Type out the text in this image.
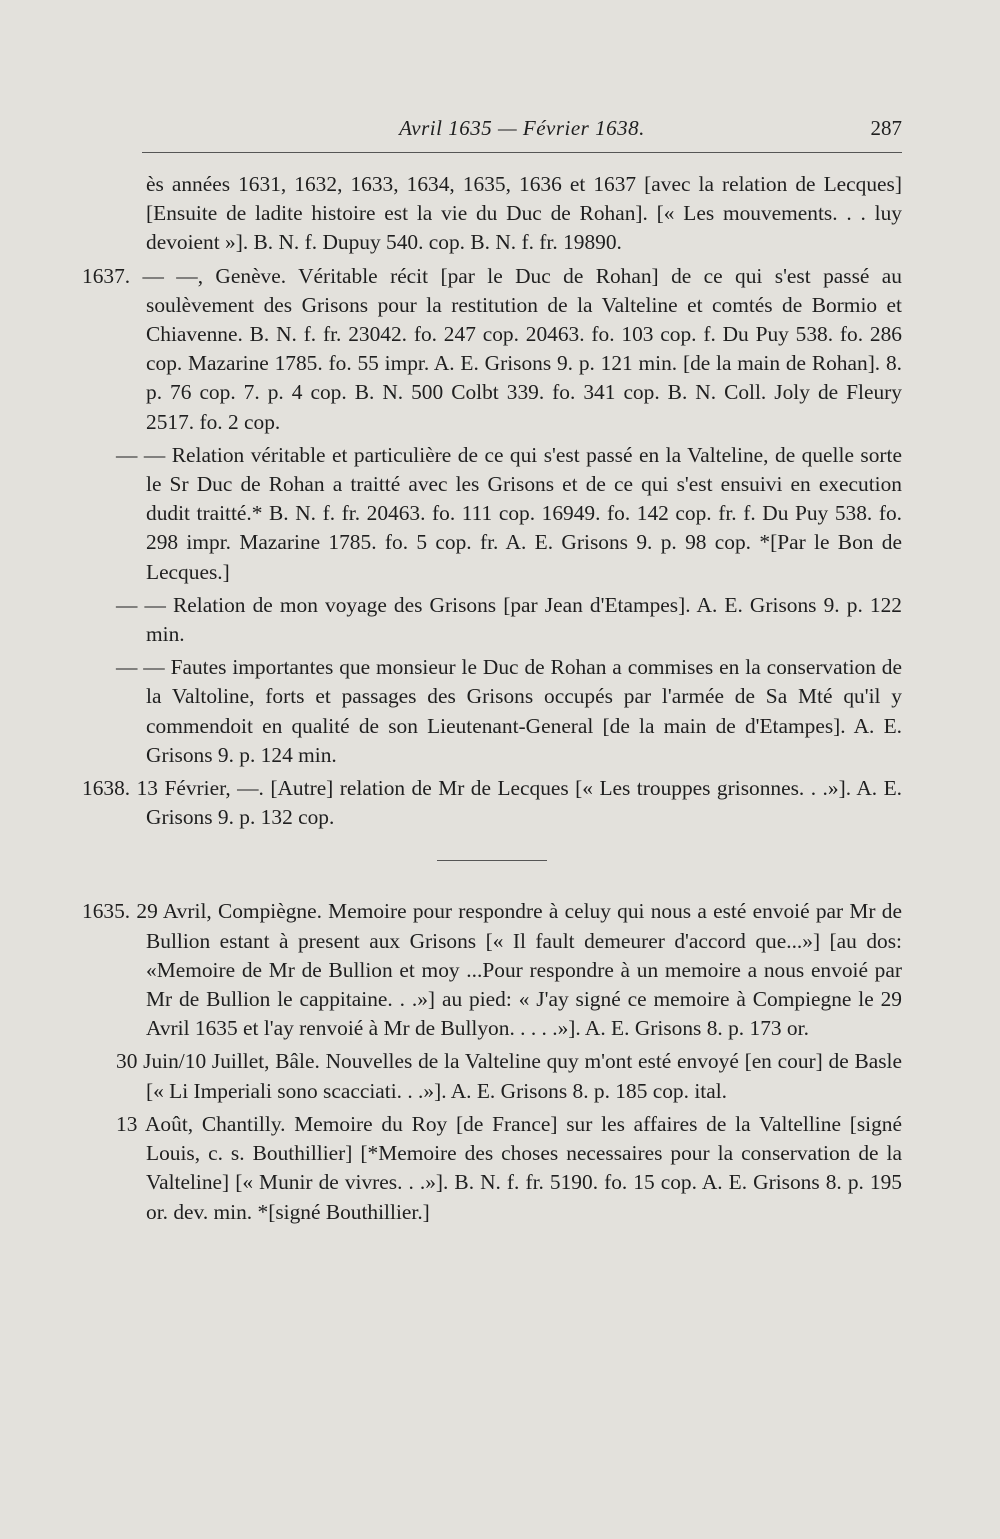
Avril 1635 — Février 1638.	287

ès années 1631, 1632, 1633, 1634, 1635, 1636 et 1637 [avec la relation de Lecques] [Ensuite de ladite histoire est la vie du Duc de Rohan]. [« Les mouvements. . . luy devoient »]. B. N. f. Dupuy 540. cop. B. N. f. fr. 19890.

1637. — —, Genève. Véritable récit [par le Duc de Rohan] de ce qui s'est passé au soulèvement des Grisons pour la restitution de la Valteline et comtés de Bormio et Chiavenne. B. N. f. fr. 23042. fo. 247 cop. 20463. fo. 103 cop. f. Du Puy 538. fo. 286 cop. Mazarine 1785. fo. 55 impr. A. E. Grisons 9. p. 121 min. [de la main de Rohan]. 8. p. 76 cop. 7. p. 4 cop. B. N. 500 Colbt 339. fo. 341 cop. B. N. Coll. Joly de Fleury 2517. fo. 2 cop.

— — Relation véritable et particulière de ce qui s'est passé en la Valteline, de quelle sorte le Sr Duc de Rohan a traitté avec les Grisons et de ce qui s'est ensuivi en execution dudit traitté.* B. N. f. fr. 20463. fo. 111 cop. 16949. fo. 142 cop. fr. f. Du Puy 538. fo. 298 impr. Mazarine 1785. fo. 5 cop. fr. A. E. Grisons 9. p. 98 cop. *[Par le Bon de Lecques.]

— — Relation de mon voyage des Grisons [par Jean d'Etampes]. A. E. Grisons 9. p. 122 min.

— — Fautes importantes que monsieur le Duc de Rohan a commises en la conservation de la Valtoline, forts et passages des Grisons occupés par l'armée de Sa Mté qu'il y commendoit en qualité de son Lieutenant-General [de la main de d'Etampes]. A. E. Grisons 9. p. 124 min.

1638. 13 Février, —. [Autre] relation de Mr de Lecques [« Les trouppes grisonnes. . .»]. A. E. Grisons 9. p. 132 cop.

1635. 29 Avril, Compiègne. Memoire pour respondre à celuy qui nous a esté envoié par Mr de Bullion estant à present aux Grisons [« Il fault demeurer d'accord que...»] [au dos: «Memoire de Mr de Bullion et moy ...Pour respondre à un memoire a nous envoié par Mr de Bullion le cappitaine. . .»] au pied: « J'ay signé ce memoire à Compiegne le 29 Avril 1635 et l'ay renvoié à Mr de Bullyon. . . . .»]. A. E. Grisons 8. p. 173 or.

30 Juin/10 Juillet, Bâle. Nouvelles de la Valteline quy m'ont esté envoyé [en cour] de Basle [« Li Imperiali sono scacciati. . .»]. A. E. Grisons 8. p. 185 cop. ital.

13 Août, Chantilly. Memoire du Roy [de France] sur les affaires de la Valtelline [signé Louis, c. s. Bouthillier] [*Memoire des choses necessaires pour la conservation de la Valteline] [« Munir de vivres. . .»]. B. N. f. fr. 5190. fo. 15 cop. A. E. Grisons 8. p. 195 or. dev. min. *[signé Bouthillier.]
